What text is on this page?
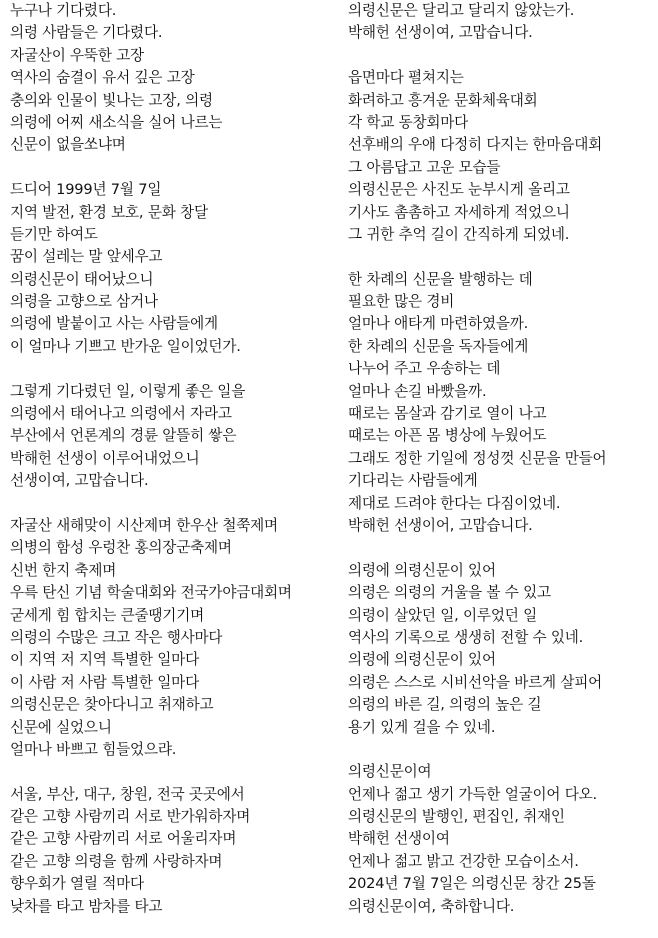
누구나 기다렸다.
의령 사람들은 기다렸다.
자굴산이 우뚝한 고장
역사의 숨결이 유서 깊은 고장
충의와 인물이 빛나는 고장, 의령
의령에 어찌 새소식을 실어 나르는
신문이 없을쏘냐며
드디어 1999년 7월 7일
지역 발전, 환경 보호, 문화 창달
듣기만 하여도
꿈이 설레는 말 앞세우고
의령신문이 태어났으니
의령을 고향으로 삼거나
의령에 발붙이고 사는 사람들에게
이 얼마나 기쁘고 반가운 일이었던가.
그렇게 기다렸던 일, 이렇게 좋은 일을
의령에서 태어나고 의령에서 자라고
부산에서 언론계의 경륜 알뜰히 쌓은
박해헌 선생이 이루어내었으니
선생이여, 고맙습니다.
자굴산 새해맞이 시산제며 한우산 철쭉제며
의병의 함성 우렁찬 홍의장군축제며
신번 한지 축제며
우륵 탄신 기념 학술대회와 전국가야금대회며
굳세게 힘 합치는 큰줄땡기기며
의령의 수많은 크고 작은 행사마다
이 지역 저 지역 특별한 일마다
이 사람 저 사람 특별한 일마다
의령신문은 찾아다니고 취재하고
신문에 실었으니
얼마나 바쁘고 힘들었으랴.
서울, 부산, 대구, 창원, 전국 곳곳에서
같은 고향 사람끼리 서로 반가워하자며
같은 고향 사람끼리 서로 어울리자며
같은 고향 의령을 함께 사랑하자며
향우회가 열릴 적마다
낮차를 타고 밤차를 타고
의령신문은 달리고 달리지 않았는가.
박해헌 선생이여, 고맙습니다.
읍면마다 펼쳐지는
화려하고 흥겨운 문화체육대회
각 학교 동창회마다
선후배의 우애 다정히 다지는 한마음대회
그 아름답고 고운 모습들
의령신문은 사진도 눈부시게 올리고
기사도 촘촘하고 자세하게 적었으니
그 귀한 추억 길이 간직하게 되었네.
한 차례의 신문을 발행하는 데
필요한 많은 경비
얼마나 애타게 마련하였을까.
한 차례의 신문을 독자들에게
나누어 주고 우송하는 데
얼마나 손길 바빴을까.
때로는 몸살과 감기로 열이 나고
때로는 아픈 몸 병상에 누웠어도
그래도 정한 기일에 정성껏 신문을 만들어
기다리는 사람들에게
제대로 드려야 한다는 다짐이었네.
박해헌 선생이어, 고맙습니다.
의령에 의령신문이 있어
의령은 의령의 거울을 볼 수 있고
의령이 살았던 일, 이루었던 일
역사의 기록으로 생생히 전할 수 있네.
의령에 의령신문이 있어
의령은 스스로 시비선악을 바르게 살피어
의령의 바른 길, 의령의 높은 길
용기 있게 걸을 수 있네.
의령신문이여
언제나 젊고 생기 가득한 얼굴이어 다오.
의령신문의 발행인, 편집인, 취재인
박해헌 선생이여
언제나 젊고 밝고 건강한 모습이소서.
2024년 7월 7일은 의령신문 창간 25돌
의령신문이여, 축하합니다.
